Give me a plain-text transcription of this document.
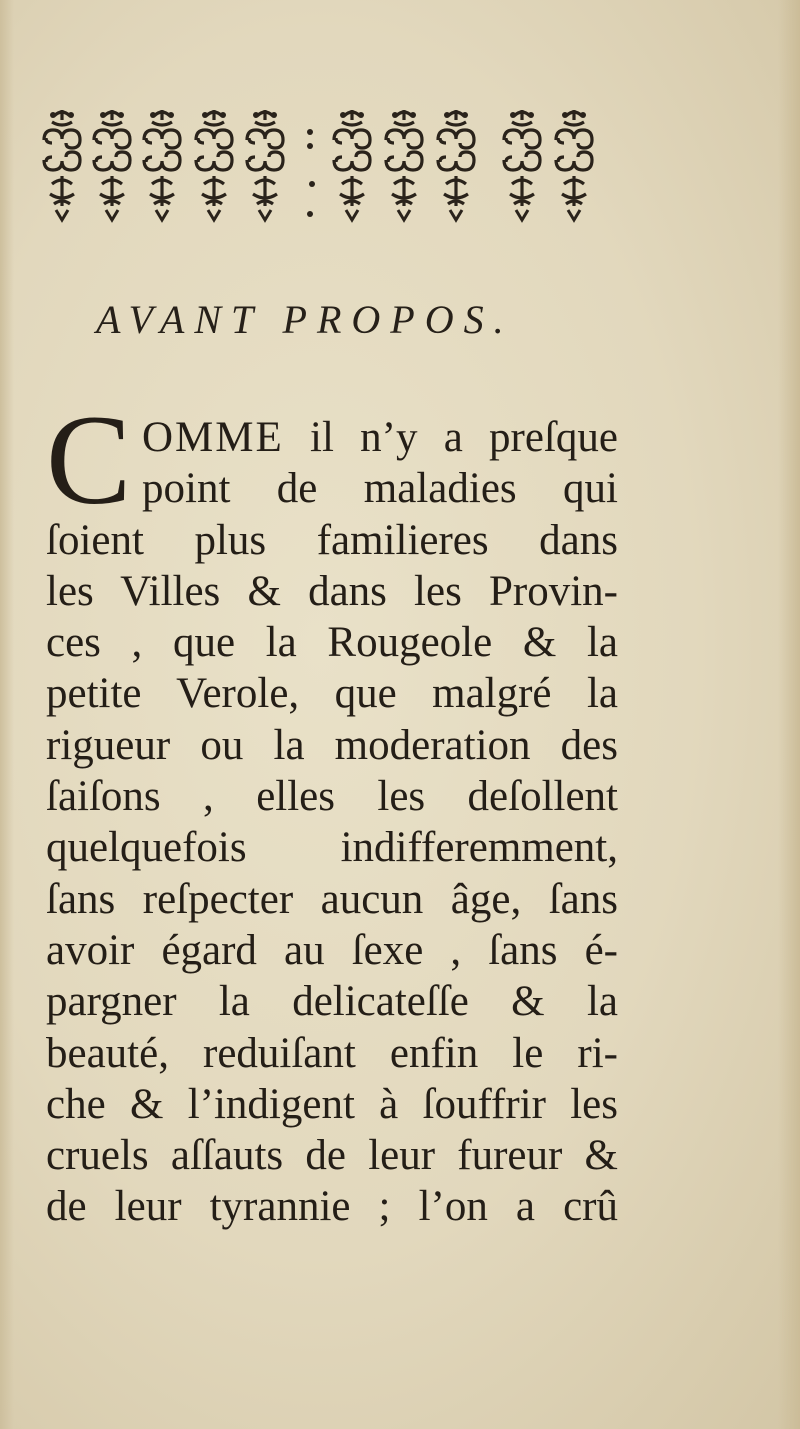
AVANT PROPOS.
C OMME il n’y a preſque
point de maladies qui
ſoient plus familieres dans
les Villes & dans les Provin-
ces , que la Rougeole & la
petite Verole, que malgré la
rigueur ou la moderation des
ſaiſons , elles les deſollent
quelquefois indifferemment,
ſans reſpecter aucun âge, ſans
avoir égard au ſexe , ſans é-
pargner la delicateſſe & la
beauté, reduiſant enfin le ri-
che & l’indigent à ſouffrir les
cruels aſſauts de leur fureur &
de leur tyrannie ; l’on a crû
